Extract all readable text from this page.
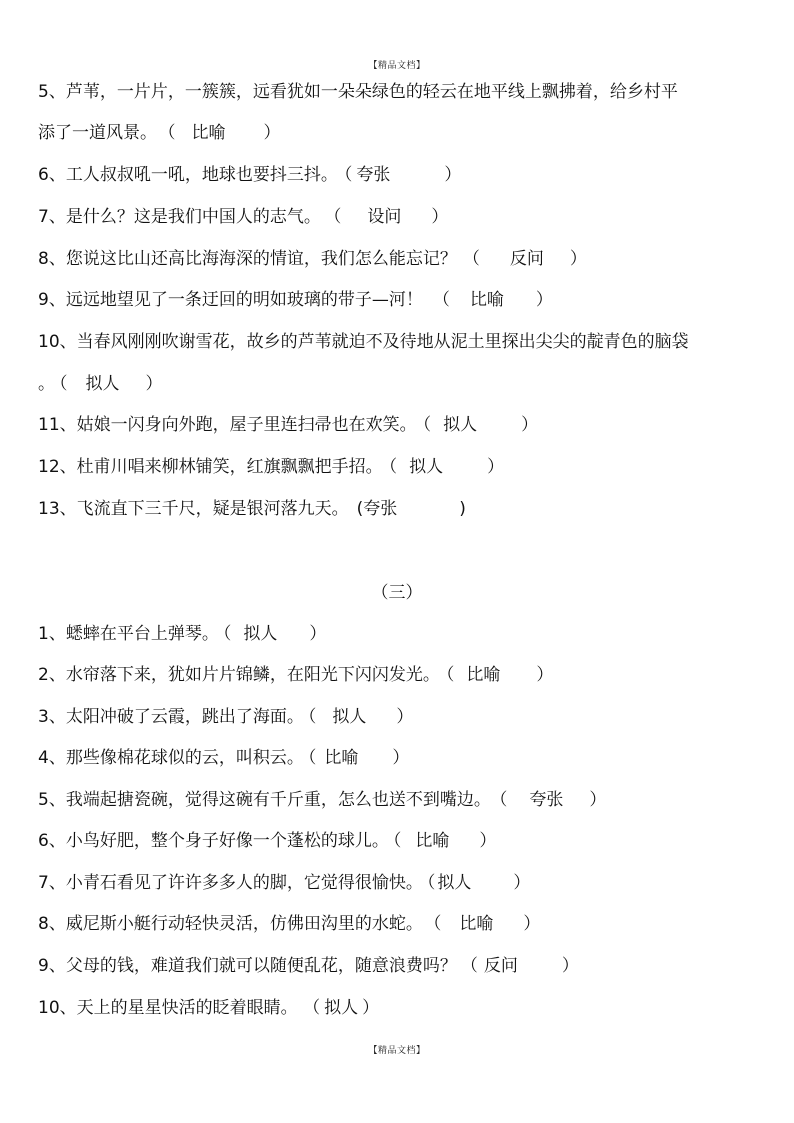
【精品文档】
5、芦苇，一片片，一簇簇，远看犹如一朵朵绿色的轻云在地平线上飘拂着，给乡村平
添了一道风景。 （ 比喻 ）
6、工人叔叔吼一吼，地球也要抖三抖。 （ 夸张	）
7、是什么？这是我们中国人的志气。 （ 设问 ）
8、您说这比山还高比海海深的情谊，我们怎么能忘记？ （ 反问 ）
9、远远地望见了一条迂回的明如玻璃的带子—河！ （ 比喻 ）
10、当春风刚刚吹谢雪花，故乡的芦苇就迫不及待地从泥土里探出尖尖的靛青色的脑袋
。 （ 拟人 ）
11、姑娘一闪身向外跑，屋子里连扫帚也在欢笑。 （ 拟人	）
12、杜甫川唱来柳林铺笑，红旗飘飘把手招。 （ 拟人	）
13、飞流直下三千尺，疑是银河落九天。 (夸张	)
（三）
1、蟋蟀在平台上弹琴。 （ 拟人 ）
2、水帘落下来，犹如片片锦鳞，在阳光下闪闪发光。 （ 比喻 ）
3、太阳冲破了云霞，跳出了海面。 （ 拟人 ）
4、那些像棉花球似的云，叫积云。 （ 比喻 ）
5、我端起搪瓷碗，觉得这碗有千斤重，怎么也送不到嘴边。 （ 夸张 ）
6、小鸟好肥，整个身子好像一个蓬松的球儿。 （ 比喻 ）
7、小青石看见了许许多多人的脚，它觉得很愉快。 （ 拟人 ）
8、威尼斯小艇行动轻快灵活，仿佛田沟里的水蛇。 （ 比喻 ）
9、父母的钱，难道我们就可以随便乱花，随意浪费吗？ （ 反问	）
10、天上的星星快活的眨着眼睛。 （ 拟人 ）
【精品文档】
